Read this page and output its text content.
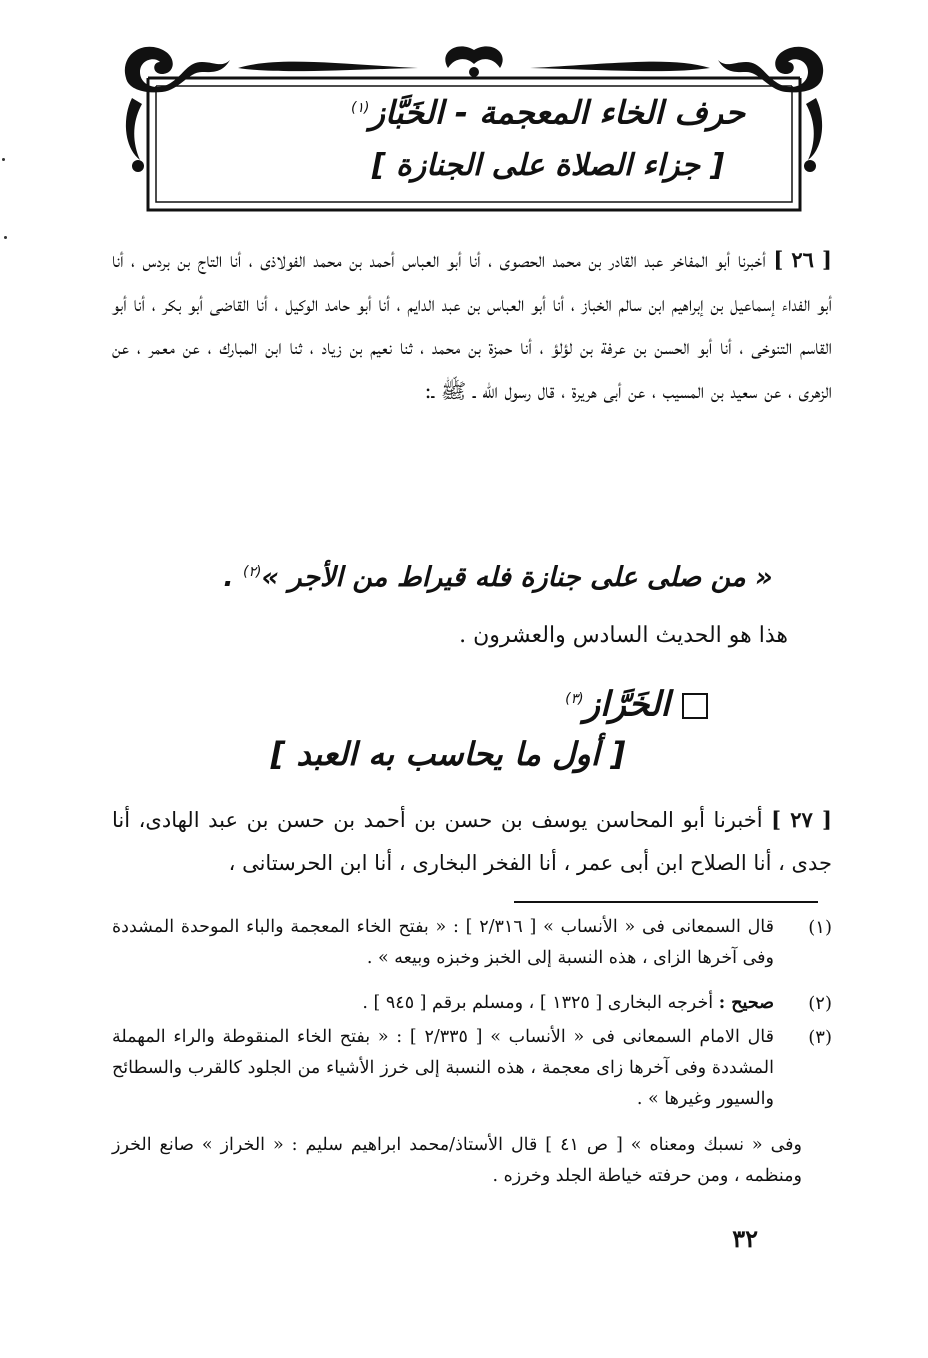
حرف الخاء المعجمة - الخَبَّاز$^{(١)}$
[ جزاء الصلاة على الجنازة ]
[ ٢٦ ] أخبرنا أبو المفاخر عبد القادر بن محمد الحصوى ، أنا أبو العباس أحمد بن محمد الفولاذى ، أنا التاج بن بردس ، أنا أبو الفداء إسماعيل بن إبراهيم ابن سالم الخباز ، أنا أبو العباس بن عبد الدايم ، أنا أبو حامد الوكيل ، أنا القاضى أبو بكر ، أنا أبو القاسم التنوخى ، أنا أبو الحسن بن عرفة بن لؤلؤ ، أنا حمزة بن محمد ، ثنا نعيم بن زياد ، ثنا ابن المبارك ، عن معمر ، عن الزهرى ، عن سعيد بن المسيب ، عن أبى هريرة ، قال رسول الله ـ ﷺ ـ:
« من صلى على جنازة فله قيراط من الأجر »$^{(٢)}$ .
هذا هو الحديث السادس والعشرون .
الخَرَّاز$^{(٣)}$
[ أول ما يحاسب به العبد ]
[ ٢٧ ] أخبرنا أبو المحاسن يوسف بن حسن بن أحمد بن حسن بن عبد الهادى، أنا جدى ، أنا الصلاح ابن أبى عمر ، أنا الفخر البخارى ، أنا ابن الحرستانى ،
(١)
قال السمعانى فى « الأنساب » [ ٢/٣١٦ ] : « بفتح الخاء المعجمة والباء الموحدة المشددة وفى آخرها الزاى ، هذه النسبة إلى الخبز وخبزه وبيعه » .
(٢)
صحيح : أخرجه البخارى [ ١٣٢٥ ] ، ومسلم برقم [ ٩٤٥ ] .
(٣)
قال الامام السمعانى فى « الأنساب » [ ٢/٣٣٥ ] : « بفتح الخاء المنقوطة والراء المهملة المشددة وفى آخرها زاى معجمة ، هذه النسبة إلى خرز الأشياء من الجلود كالقرب والسطائح والسيور وغيرها » .
وفى « نسبك ومعناه » [ ص ٤١ ] قال الأستاذ/محمد ابراهيم سليم : « الخراز » صانع الخرز ومنظمه ، ومن حرفته خياطة الجلد وخرزه .
٣٢
